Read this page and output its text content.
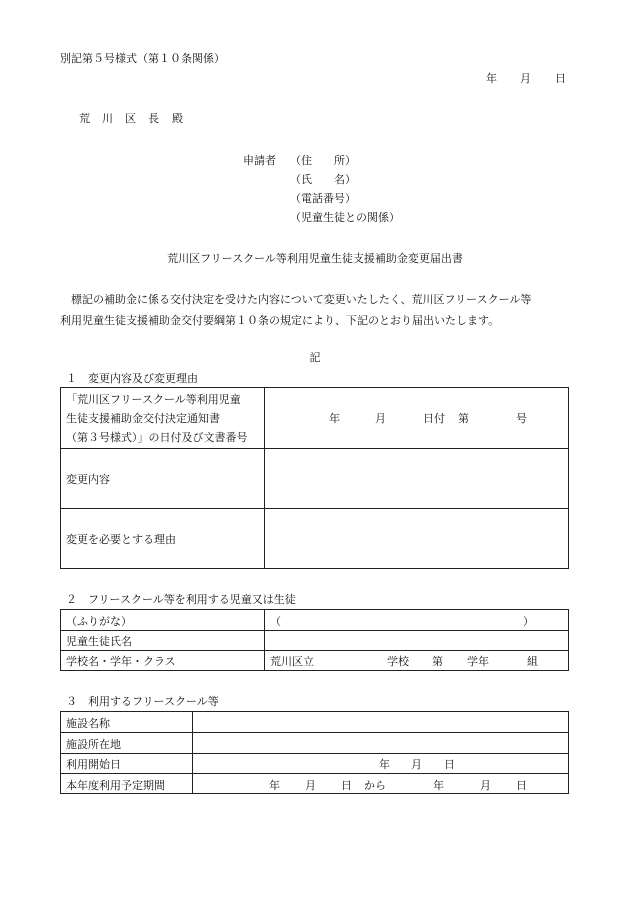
別記第５号様式（第１０条関係）
年 月 日
荒 川 区 長 殿
申請者 （住　　所）
（氏　　名）
（電話番号）
（児童生徒との関係）
荒川区フリースクール等利用児童生徒支援補助金変更届出書
標記の補助金に係る交付決定を受けた内容について変更いたしたく、荒川区フリースクール等
利用児童生徒支援補助金交付要綱第１０条の規定により、下記のとおり届出いたします。
記
１　変更内容及び変更理由
「荒川区フリースクール等利用児童
生徒支援補助金交付決定通知書
（第３号様式）」の日付及び文書番号
年	月	日付 第	号
変更内容
変更を必要とする理由
２　フリースクール等を利用する児童又は生徒
（ふりがな）	（	）
児童生徒氏名
学校名・学年・クラス	荒川区立	学校 第 学年	組
３　利用するフリースクール等
施設名称
施設所在地
利用開始日	年 月 日
本年度利用予定期間	年 月 日 から	年	月 日
